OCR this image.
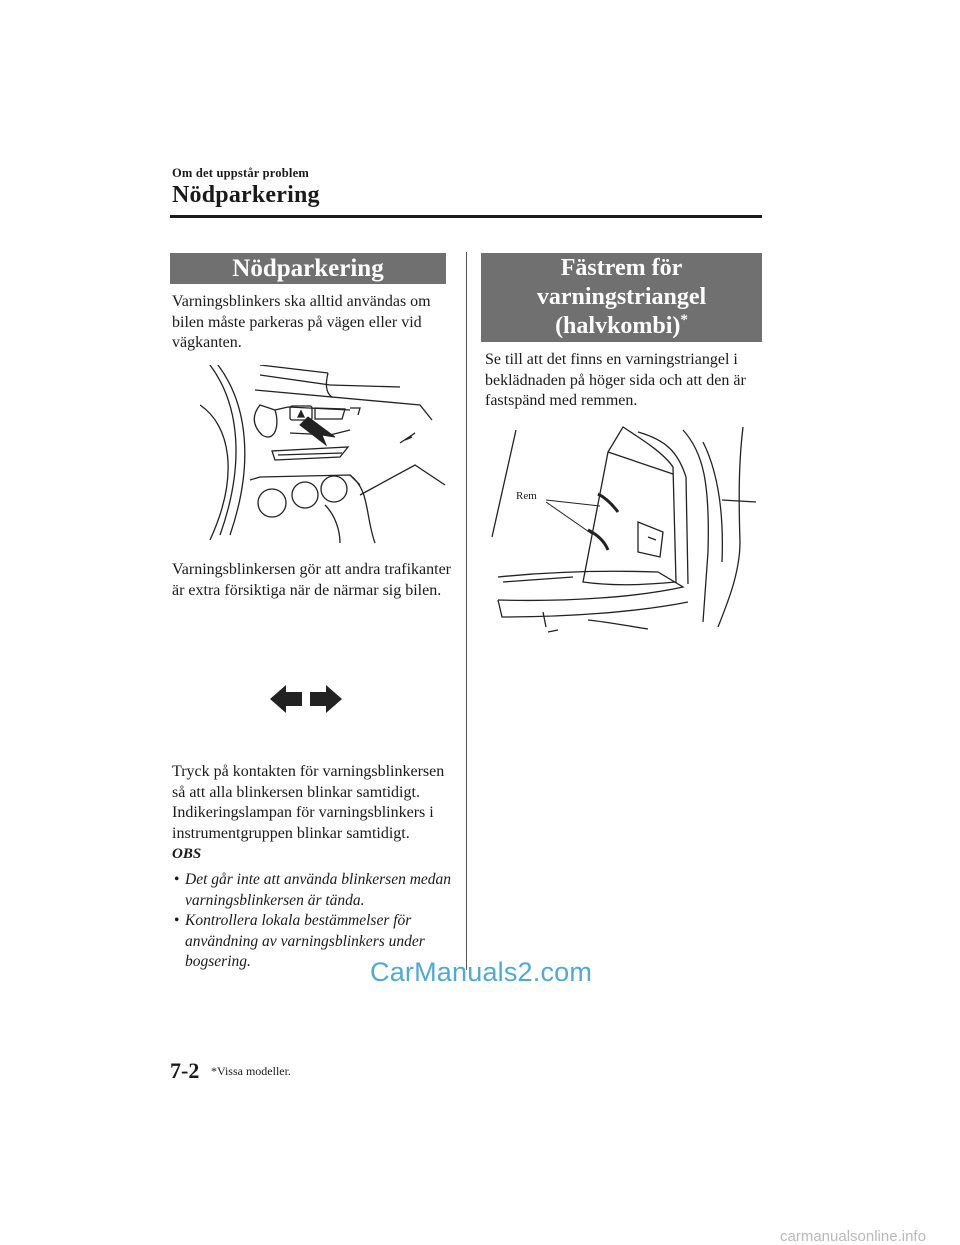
Om det uppstår problem
Nödparkering
Nödparkering
Varningsblinkers ska alltid användas om bilen måste parkeras på vägen eller vid vägkanten.
Varningsblinkersen gör att andra trafikanter är extra försiktiga när de närmar sig bilen.
Tryck på kontakten för varningsblinkersen så att alla blinkersen blinkar samtidigt. Indikeringslampan för varningsblinkers i instrumentgruppen blinkar samtidigt.
OBS
• Det går inte att använda blinkersen medan varningsblinkersen är tända.
• Kontrollera lokala bestämmelser för användning av varningsblinkers under bogsering.
Fästrem för
varningstriangel
(halvkombi)*
Se till att det finns en varningstriangel i beklädnaden på höger sida och att den är fastspänd med remmen.
Rem
CarManuals2.com
7-2 *Vissa modeller.
carmanualsonline.info
